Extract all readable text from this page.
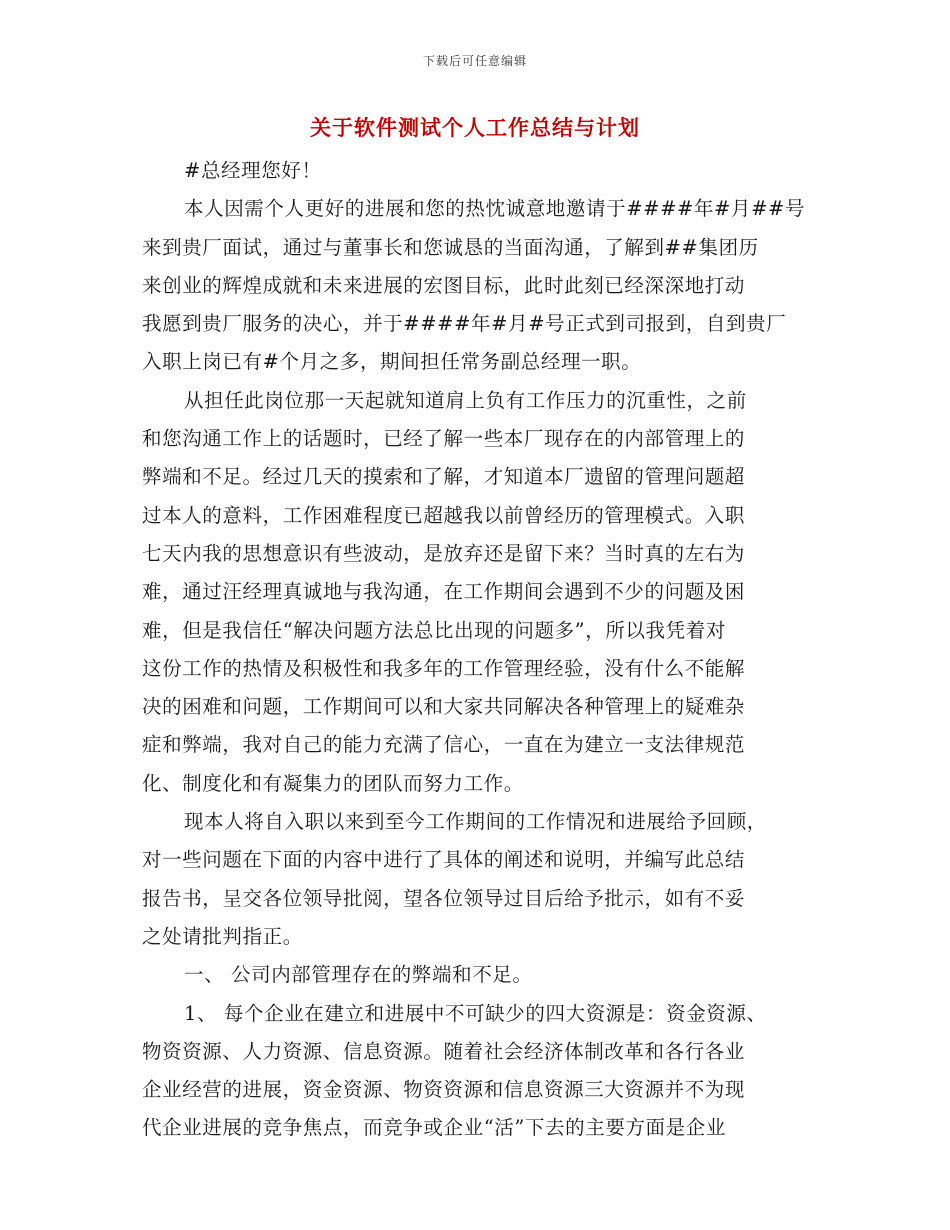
下载后可任意编辑
关于软件测试个人工作总结与计划
#总经理您好！
本人因需个人更好的进展和您的热忱诚意地邀请于####年#月##号
来到贵厂面试，通过与董事长和您诚恳的当面沟通，了解到##集团历
来创业的辉煌成就和未来进展的宏图目标，此时此刻已经深深地打动
我愿到贵厂服务的决心，并于####年#月#号正式到司报到，自到贵厂
入职上岗已有#个月之多，期间担任常务副总经理一职。
从担任此岗位那一天起就知道肩上负有工作压力的沉重性，之前
和您沟通工作上的话题时，已经了解一些本厂现存在的内部管理上的
弊端和不足。经过几天的摸索和了解，才知道本厂遗留的管理问题超
过本人的意料，工作困难程度已超越我以前曾经历的管理模式。入职
七天内我的思想意识有些波动，是放弃还是留下来？当时真的左右为
难，通过汪经理真诚地与我沟通，在工作期间会遇到不少的问题及困
难，但是我信任“解决问题方法总比出现的问题多”，所以我凭着对
这份工作的热情及积极性和我多年的工作管理经验，没有什么不能解
决的困难和问题，工作期间可以和大家共同解决各种管理上的疑难杂
症和弊端，我对自己的能力充满了信心，一直在为建立一支法律规范
化、制度化和有凝集力的团队而努力工作。
现本人将自入职以来到至今工作期间的工作情况和进展给予回顾，
对一些问题在下面的内容中进行了具体的阐述和说明，并编写此总结
报告书，呈交各位领导批阅，望各位领导过目后给予批示，如有不妥
之处请批判指正。
一、 公司内部管理存在的弊端和不足。
1、 每个企业在建立和进展中不可缺少的四大资源是：资金资源、
物资资源、人力资源、信息资源。随着社会经济体制改革和各行各业
企业经营的进展，资金资源、物资资源和信息资源三大资源并不为现
代企业进展的竞争焦点，而竞争或企业“活”下去的主要方面是企业
